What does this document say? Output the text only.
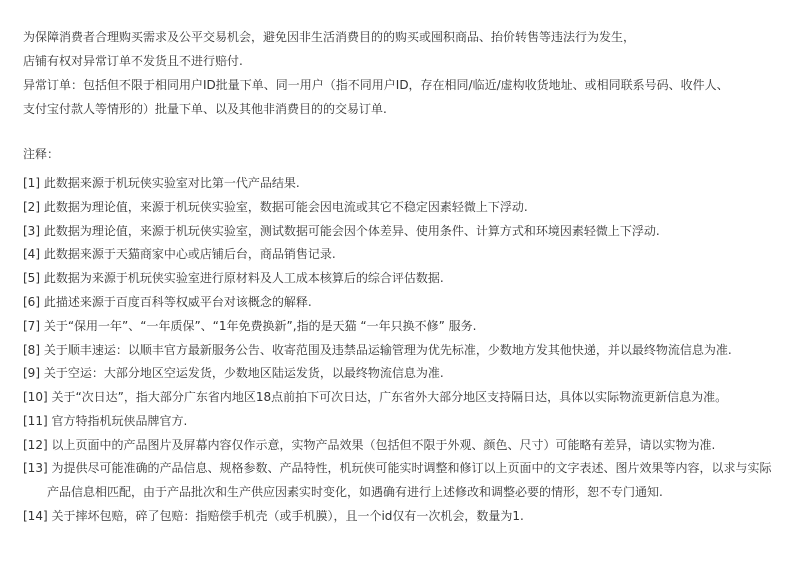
为保障消费者合理购买需求及公平交易机会，避免因非生活消费目的的购买或囤积商品、抬价转售等违法行为发生，
店铺有权对异常订单不发货且不进行赔付.
异常订单：包括但不限于相同用户ID批量下单、同一用户（指不同用户ID，存在相同/临近/虚构收货地址、或相同联系号码、收件人、
支付宝付款人等情形的）批量下单、以及其他非消费目的的交易订单.
注释：
[1] 此数据来源于机玩侠实验室对比第一代产品结果.
[2] 此数据为理论值，来源于机玩侠实验室，数据可能会因电流或其它不稳定因素轻微上下浮动.
[3] 此数据为理论值，来源于机玩侠实验室，测试数据可能会因个体差异、使用条件、计算方式和环境因素轻微上下浮动.
[4] 此数据来源于天猫商家中心或店铺后台，商品销售记录.
[5] 此数据为来源于机玩侠实验室进行原材料及人工成本核算后的综合评估数据.
[6] 此描述来源于百度百科等权威平台对该概念的解释.
[7] 关于“保用一年”、“一年质保”、“1年免费换新”,指的是天猫 “一年只换不修” 服务.
[8] 关于顺丰速运：以顺丰官方最新服务公告、收寄范围及违禁品运输管理为优先标准，少数地方发其他快递，并以最终物流信息为准.
[9] 关于空运：大部分地区空运发货，少数地区陆运发货，以最终物流信息为准.
[10] 关于“次日达”，指大部分广东省内地区18点前拍下可次日达，广东省外大部分地区支持隔日达，具体以实际物流更新信息为准。
[11] 官方特指机玩侠品牌官方.
[12] 以上页面中的产品图片及屏幕内容仅作示意，实物产品效果（包括但不限于外观、颜色、尺寸）可能略有差异，请以实物为准.
[13] 为提供尽可能准确的产品信息、规格参数、产品特性，机玩侠可能实时调整和修订以上页面中的文字表述、图片效果等内容，以求与实际
产品信息相匹配，由于产品批次和生产供应因素实时变化，如遇确有进行上述修改和调整必要的情形，恕不专门通知.
[14] 关于摔坏包赔，碎了包赔：指赔偿手机壳（或手机膜），且一个id仅有一次机会，数量为1.
